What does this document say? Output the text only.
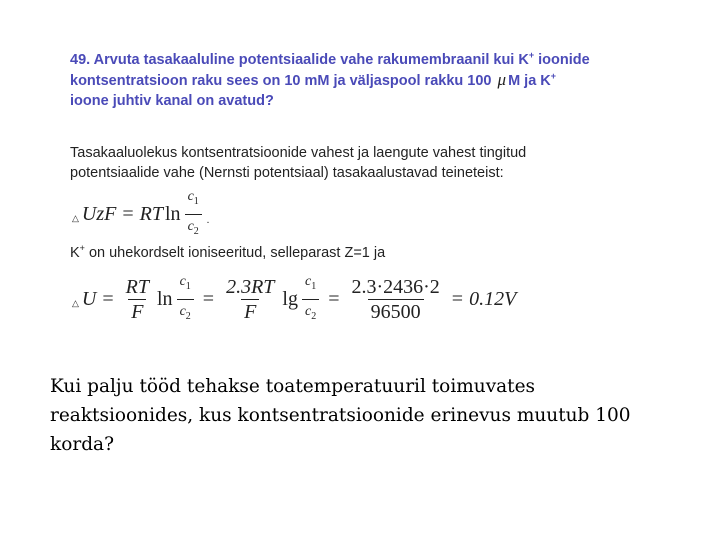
49. Arvuta tasakaaluline potentsiaalide vahe rakumembraanil kui K+ ioonide
kontsentratsioon raku sees on 10 mM ja väljaspool rakku 100 μ M ja K+
ioone juhtiv kanal on avatud?
Tasakaaluolekus kontsentratsioonide vahest ja laengute vahest tingitud
potentsiaalide vahe (Nernsti potentsiaal) tasakaalustavad teineteist:
△ UzF = RT $\ln \frac{c_1}{c_2}$ .
K+ on uhekordselt ioniseeritud, selleparast Z=1 ja
△ $U = \frac{RT}{F}$ $\ln \frac{c_1}{c_2} = \frac{2.3RT}{F}$ $\lg \frac{c_1}{c_2} = \frac{2.3\cdot 2436\cdot 2}{96500} = 0.12V$
Kui palju tööd tehakse toatemperatuuril toimuvates reaktsioonides, kus kontsentratsioonide erinevus muutub 100 korda?
